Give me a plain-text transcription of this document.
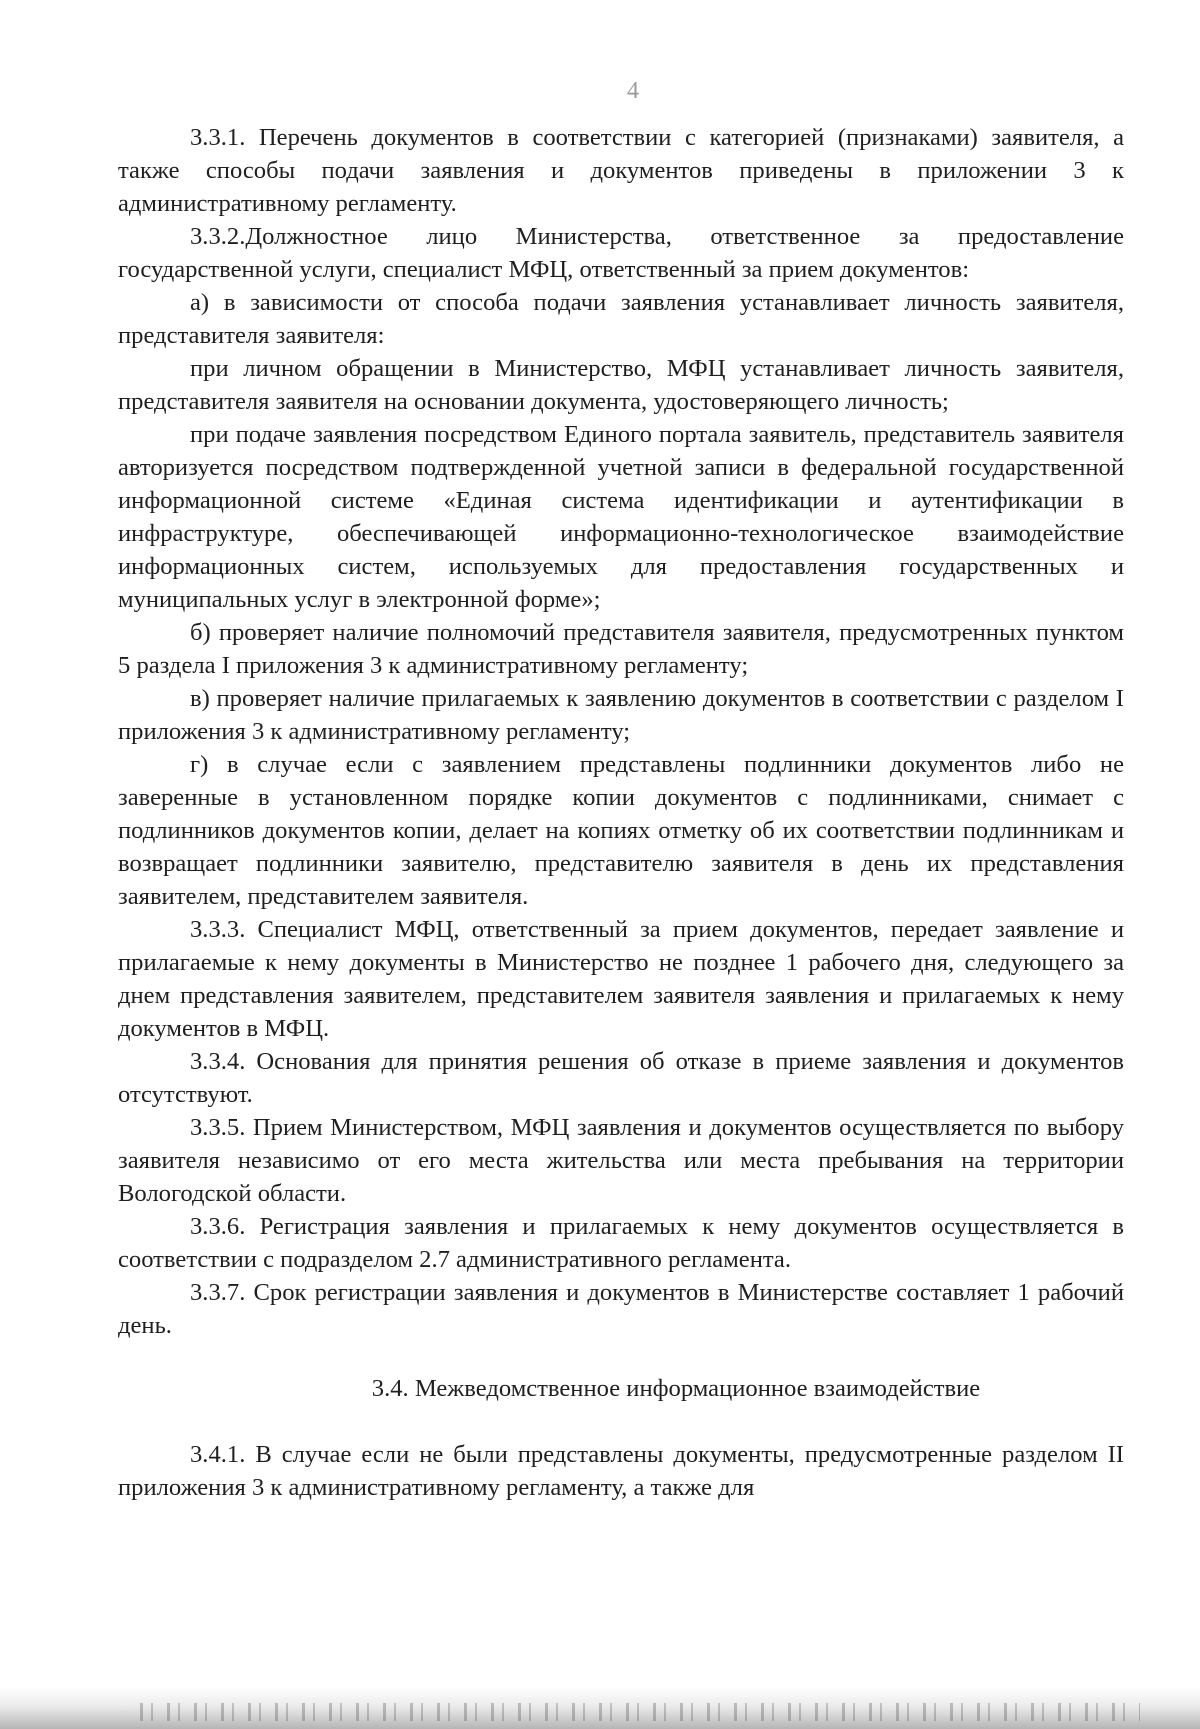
4

3.3.1. Перечень документов в соответствии с категорией (признаками) заявителя, а также способы подачи заявления и документов приведены в приложении 3 к административному регламенту.

3.3.2.Должностное лицо Министерства, ответственное за предоставление государственной услуги, специалист МФЦ, ответственный за прием документов:

а) в зависимости от способа подачи заявления устанавливает личность заявителя, представителя заявителя:

при личном обращении в Министерство, МФЦ устанавливает личность заявителя, представителя заявителя на основании документа, удостоверяющего личность;

при подаче заявления посредством Единого портала заявитель, представитель заявителя авторизуется посредством подтвержденной учетной записи в федеральной государственной информационной системе «Единая система идентификации и аутентификации в инфраструктуре, обеспечивающей информационно-технологическое взаимодействие информационных систем, используемых для предоставления государственных и муниципальных услуг в электронной форме»;

б) проверяет наличие полномочий представителя заявителя, предусмотренных пунктом 5 раздела I приложения 3 к административному регламенту;

в) проверяет наличие прилагаемых к заявлению документов в соответствии с разделом I приложения 3 к административному регламенту;

г) в случае если с заявлением представлены подлинники документов либо не заверенные в установленном порядке копии документов с подлинниками, снимает с подлинников документов копии, делает на копиях отметку об их соответствии подлинникам и возвращает подлинники заявителю, представителю заявителя в день их представления заявителем, представителем заявителя.

3.3.3. Специалист МФЦ, ответственный за прием документов, передает заявление и прилагаемые к нему документы в Министерство не позднее 1 рабочего дня, следующего за днем представления заявителем, представителем заявителя заявления и прилагаемых к нему документов в МФЦ.

3.3.4. Основания для принятия решения об отказе в приеме заявления и документов отсутствуют.

3.3.5. Прием Министерством, МФЦ заявления и документов осуществляется по выбору заявителя независимо от его места жительства или места пребывания на территории Вологодской области.

3.3.6. Регистрация заявления и прилагаемых к нему документов осуществляется в соответствии с подразделом 2.7 административного регламента.

3.3.7. Срок регистрации заявления и документов в Министерстве составляет 1 рабочий день.

3.4. Межведомственное информационное взаимодействие

3.4.1. В случае если не были представлены документы, предусмотренные разделом II приложения 3 к административному регламенту, а также для
